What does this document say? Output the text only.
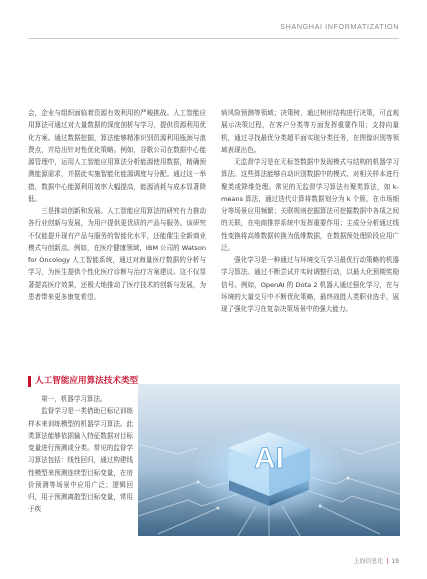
SHANGHAI INFORMATIZATION

会，企业与组织面临着资源有效利用的严峻挑战。人工智能应用算法可通过对大量数据的深度剖析与学习，提供资源利用优化方案。通过数据挖掘，算法能够精准识别资源利用瓶颈与浪费点，并给出针对性优化策略。例如，谷歌公司在数据中心能源管理中，运用人工智能应用算法分析能源使用数据，精确预测能源需求，并据此实施智能化能源调度与分配。通过这一举措，数据中心能源利用效率大幅提高，能源消耗与成本显著降低。

三是推动创新和发展。人工智能应用算法的研究有力推动各行业创新与发展，为用户提供更优质的产品与服务。该研究不仅能提升现有产品与服务的智能化水平，还能催生全新商业模式与创新点。例如，在医疗健康领域，IBM 公司的 Watson for Oncology 人工智能系统，通过对海量医疗数据的分析与学习，为医生提供个性化医疗诊断与治疗方案建议。这不仅显著提高医疗效果，还极大地推动了医疗技术的创新与发展，为患者带来更多康复希望。

病风险预测等领域；决策树，通过树形结构进行决策，可直观展示决策过程，在客户分类等方面发挥重要作用；支持向量机，通过寻找最优分类超平面实现分类任务，在图像识别等领域表现出色。

无监督学习是在无标签数据中发现模式与结构的机器学习算法。这些算法能够自动识别数据中的模式、对相关样本进行聚类或降维处理。常见的无监督学习算法有聚类算法，如 k-means 算法，通过迭代计算将数据划分为 k 个簇，在市场细分等场景应用频繁；关联规则挖掘算法可挖掘数据中各项之间的关联，在电商推荐系统中发挥重要作用；主成分分析通过线性变换将高维数据转换为低维数据，在数据预处理阶段应用广泛。

强化学习是一种通过与环境交互学习最优行动策略的机器学习算法。通过不断尝试并实时调整行动，以最大化预期奖励信号。例如，OpenAI 的 Dota 2 机器人通过强化学习，在与环境的大量交互中不断优化策略，最终战胜人类职业选手，展现了强化学习在复杂决策场景中的强大能力。

人工智能应用算法技术类型

第一，机器学习算法。

监督学习是一类借助已标记训练样本来训练模型的机器学习算法。此类算法能够依据输入特征数据对目标变量进行预测或分类。常见的监督学习算法包括：线性回归，通过构建线性模型来预测连续型目标变量，在房价预测等场景中应用广泛；逻辑回归，用于预测离散型目标变量，常用于疾

AI
上海信息化 | 19
